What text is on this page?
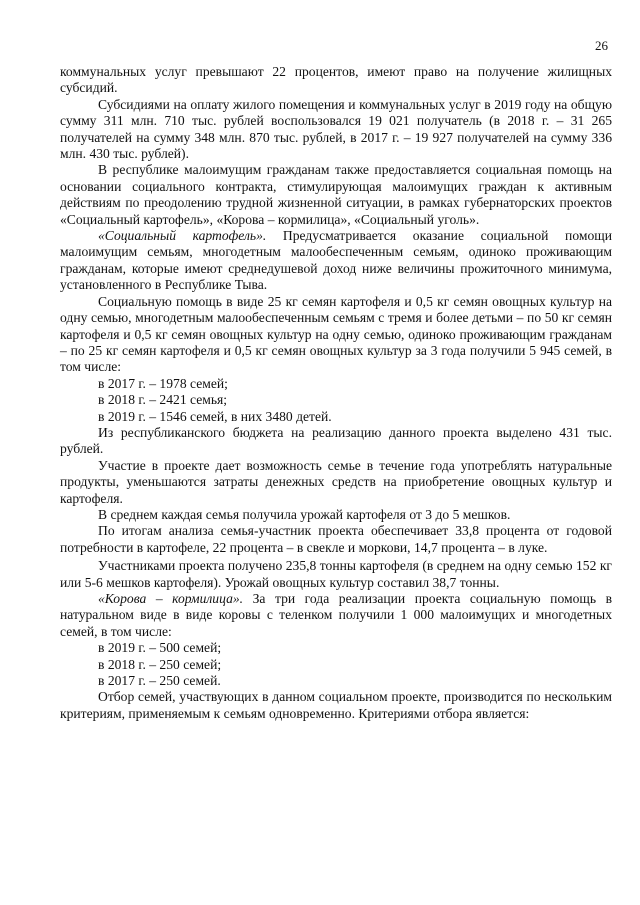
26

коммунальных услуг превышают 22 процентов, имеют право на получение жилищных субсидий.

Субсидиями на оплату жилого помещения и коммунальных услуг в 2019 году на общую сумму 311 млн. 710 тыс. рублей воспользовался 19 021 получатель (в 2018 г. – 31 265 получателей на сумму 348 млн. 870 тыс. рублей, в 2017 г. – 19 927 получателей на сумму 336 млн. 430 тыс. рублей).

В республике малоимущим гражданам также предоставляется социальная помощь на основании социального контракта, стимулирующая малоимущих граждан к активным действиям по преодолению трудной жизненной ситуации, в рамках губернаторских проектов «Социальный картофель», «Корова – кормилица», «Социальный уголь».

«Социальный картофель». Предусматривается оказание социальной помощи малоимущим семьям, многодетным малообеспеченным семьям, одиноко проживающим гражданам, которые имеют среднедушевой доход ниже величины прожиточного минимума, установленного в Республике Тыва.

Социальную помощь в виде 25 кг семян картофеля и 0,5 кг семян овощных культур на одну семью, многодетным малообеспеченным семьям с тремя и более детьми – по 50 кг семян картофеля и 0,5 кг семян овощных культур на одну семью, одиноко проживающим гражданам – по 25 кг семян картофеля и 0,5 кг семян овощных культур за 3 года получили 5 945 семей, в том числе:

в 2017 г. – 1978 семей;

в 2018 г. – 2421 семья;

в 2019 г. – 1546 семей, в них 3480 детей.

Из республиканского бюджета на реализацию данного проекта выделено 431 тыс. рублей.

Участие в проекте дает возможность семье в течение года употреблять натуральные продукты, уменьшаются затраты денежных средств на приобретение овощных культур и картофеля.

В среднем каждая семья получила урожай картофеля от 3 до 5 мешков.

По итогам анализа семья-участник проекта обеспечивает 33,8 процента от годовой потребности в картофеле, 22 процента – в свекле и моркови, 14,7 процента – в луке.

Участниками проекта получено 235,8 тонны картофеля (в среднем на одну семью 152 кг или 5-6 мешков картофеля). Урожай овощных культур составил 38,7 тонны.

«Корова – кормилица». За три года реализации проекта социальную помощь в натуральном виде в виде коровы с теленком получили 1 000 малоимущих и многодетных семей, в том числе:

в 2019 г. – 500 семей;

в 2018 г. – 250 семей;

в 2017 г. – 250 семей.

Отбор семей, участвующих в данном социальном проекте, производится по нескольким критериям, применяемым к семьям одновременно. Критериями отбора является:
